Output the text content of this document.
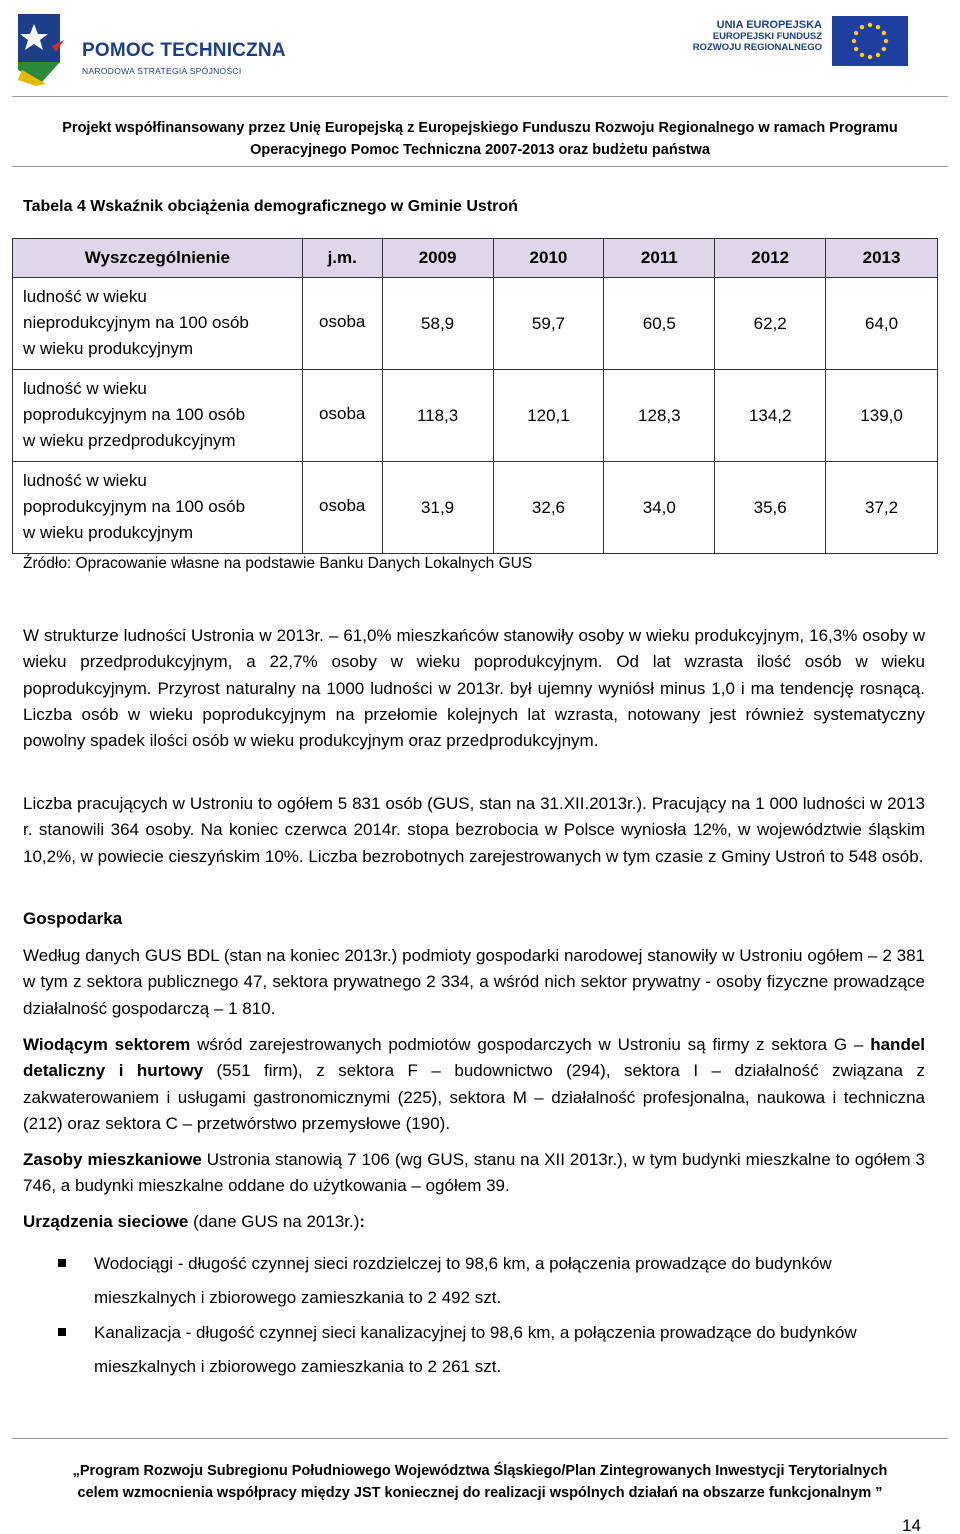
POMOC TECHNICZNA
NARODOWA STRATEGIA SPÓJNOŚCI
UNIA EUROPEJSKA
EUROPEJSKI FUNDUSZ
ROZWOJU REGIONALNEGO
Projekt współfinansowany przez Unię Europejską z Europejskiego Funduszu Rozwoju Regionalnego w ramach Programu
Operacyjnego Pomoc Techniczna 2007-2013 oraz budżetu państwa
Tabela 4 Wskaźnik obciążenia demograficznego w Gminie Ustroń
Wyszczególnienie	j.m.	2009	2010	2011	2012	2013
ludność w wieku
nieprodukcyjnym na 100 osób
w wieku produkcyjnym	osoba	58,9	59,7	60,5	62,2	64,0
ludność w wieku
poprodukcyjnym na 100 osób
w wieku przedprodukcyjnym	osoba	118,3	120,1	128,3	134,2	139,0
ludność w wieku
poprodukcyjnym na 100 osób
w wieku produkcyjnym	osoba	31,9	32,6	34,0	35,6	37,2
Źródło: Opracowanie własne na podstawie Banku Danych Lokalnych GUS

W strukturze ludności Ustronia w 2013r. – 61,0% mieszkańców stanowiły osoby w wieku produkcyjnym, 16,3% osoby w wieku przedprodukcyjnym, a 22,7% osoby w wieku poprodukcyjnym. Od lat wzrasta ilość osób w wieku poprodukcyjnym. Przyrost naturalny na 1000 ludności w 2013r. był ujemny wyniósł minus 1,0 i ma tendencję rosnącą. Liczba osób w wieku poprodukcyjnym na przełomie kolejnych lat wzrasta, notowany jest również systematyczny powolny spadek ilości osób w wieku produkcyjnym oraz przedprodukcyjnym.

Liczba pracujących w Ustroniu to ogółem 5 831 osób (GUS, stan na 31.XII.2013r.). Pracujący na 1 000 ludności w 2013 r. stanowili 364 osoby. Na koniec czerwca 2014r. stopa bezrobocia w Polsce wyniosła 12%, w województwie śląskim 10,2%, w powiecie cieszyńskim 10%. Liczba bezrobotnych zarejestrowanych w tym czasie z Gminy Ustroń to 548 osób.

Gospodarka

Według danych GUS BDL (stan na koniec 2013r.) podmioty gospodarki narodowej stanowiły w Ustroniu ogółem – 2 381 w tym z sektora publicznego 47, sektora prywatnego 2 334, a wśród nich sektor prywatny - osoby fizyczne prowadzące działalność gospodarczą – 1 810.

Wiodącym sektorem wśród zarejestrowanych podmiotów gospodarczych w Ustroniu są firmy z sektora G – handel detaliczny i hurtowy (551 firm), z sektora F – budownictwo (294), sektora I – działalność związana z zakwaterowaniem i usługami gastronomicznymi (225), sektora M – działalność profesjonalna, naukowa i techniczna (212) oraz sektora C – przetwórstwo przemysłowe (190).

Zasoby mieszkaniowe Ustronia stanowią 7 106 (wg GUS, stanu na XII 2013r.), w tym budynki mieszkalne to ogółem 3 746, a budynki mieszkalne oddane do użytkowania – ogółem 39.

Urządzenia sieciowe (dane GUS na 2013r.):
Wodociągi - długość czynnej sieci rozdzielczej to 98,6 km, a połączenia prowadzące do budynków mieszkalnych i zbiorowego zamieszkania to 2 492 szt.
Kanalizacja - długość czynnej sieci kanalizacyjnej to 98,6 km, a połączenia prowadzące do budynków mieszkalnych i zbiorowego zamieszkania to 2 261 szt.
„Program Rozwoju Subregionu Południowego Województwa Śląskiego/Plan Zintegrowanych Inwestycji Terytorialnych
celem wzmocnienia współpracy między JST koniecznej do realizacji wspólnych działań na obszarze funkcjonalnym ”
14
